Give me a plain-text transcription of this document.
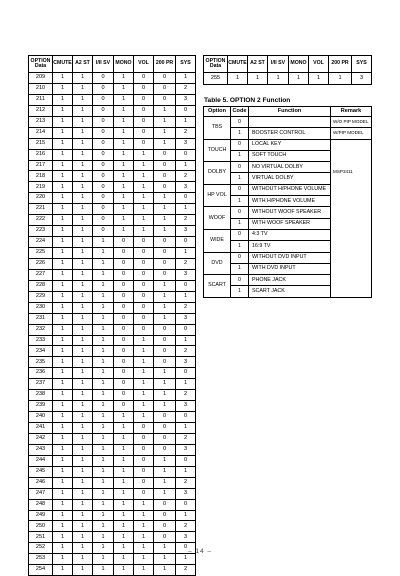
OPTION Data	CMUTE	A2 ST	I/II SV	MONO	VOL	200 PR	SYS
209	1	1	0	1	0	0	1
210	1	1	0	1	0	0	2
211	1	1	0	1	0	0	3
212	1	1	0	1	0	1	0
213	1	1	0	1	0	1	1
214	1	1	0	1	0	1	2
215	1	1	0	1	0	1	3
216	1	1	0	1	1	0	0
217	1	1	0	1	1	0	1
218	1	1	0	1	1	0	2
219	1	1	0	1	1	0	3
220	1	1	0	1	1	1	0
221	1	1	0	1	1	1	1
222	1	1	0	1	1	1	2
223	1	1	0	1	1	1	3
224	1	1	1	0	0	0	0
225	1	1	1	0	0	0	1
226	1	1	1	0	0	0	2
227	1	1	1	0	0	0	3
228	1	1	1	0	0	1	0
229	1	1	1	0	0	1	1
230	1	1	1	0	0	1	2
231	1	1	1	0	0	1	3
232	1	1	1	0	0	0	0
233	1	1	1	0	1	0	1
234	1	1	1	0	1	0	2
235	1	1	1	0	1	0	3
236	1	1	1	0	1	1	0
237	1	1	1	0	1	1	1
238	1	1	1	0	1	1	2
239	1	1	1	0	1	1	3
240	1	1	1	1	1	0	0
241	1	1	1	1	0	0	1
242	1	1	1	1	0	0	2
243	1	1	1	1	0	0	3
244	1	1	1	1	0	1	0
245	1	1	1	1	0	1	1
246	1	1	1	1	0	1	2
247	1	1	1	1	0	1	3
248	1	1	1	1	1	0	0
249	1	1	1	1	1	0	1
250	1	1	1	1	1	0	2
251	1	1	1	1	1	0	3
252	1	1	1	1	1	1	0
253	1	1	1	1	1	1	1
254	1	1	1	1	1	1	2
OPTION Data	CMUTE	A2 ST	I/II SV	MONO	VOL	200 PR	SYS
255	1	1	1	1	1	1	3
Table 5. OPTION 2 Function
Option	Code	Function	Remark
TBS	0		W/O PIP MODEL
	1	BOOSTER CONTROL	W/PIP MODEL
TOUCH	0	LOCAL KEY	MSP3411
	1	SOFT TOUCH	
DOLBY	0	NO VIRTUAL DOLBY	
	1	VIRTUAL DOLBY	
HP VOL	0	WITHOUT H/PHONE VOLUME	
	1	WITH H/PHONE VOLUME	
WOOF	0	WITHOUT WOOF SPEAKER	
	1	WITH WOOF SPEAKER	
WIDE	0	4:3 TV	
	1	16:9 TV	
DVD	0	WITHOUT DVD INPUT	
	1	WITH DVD INPUT	
SCART	0	PHONE JACK	
	1	SCART JACK	
– 14 –
